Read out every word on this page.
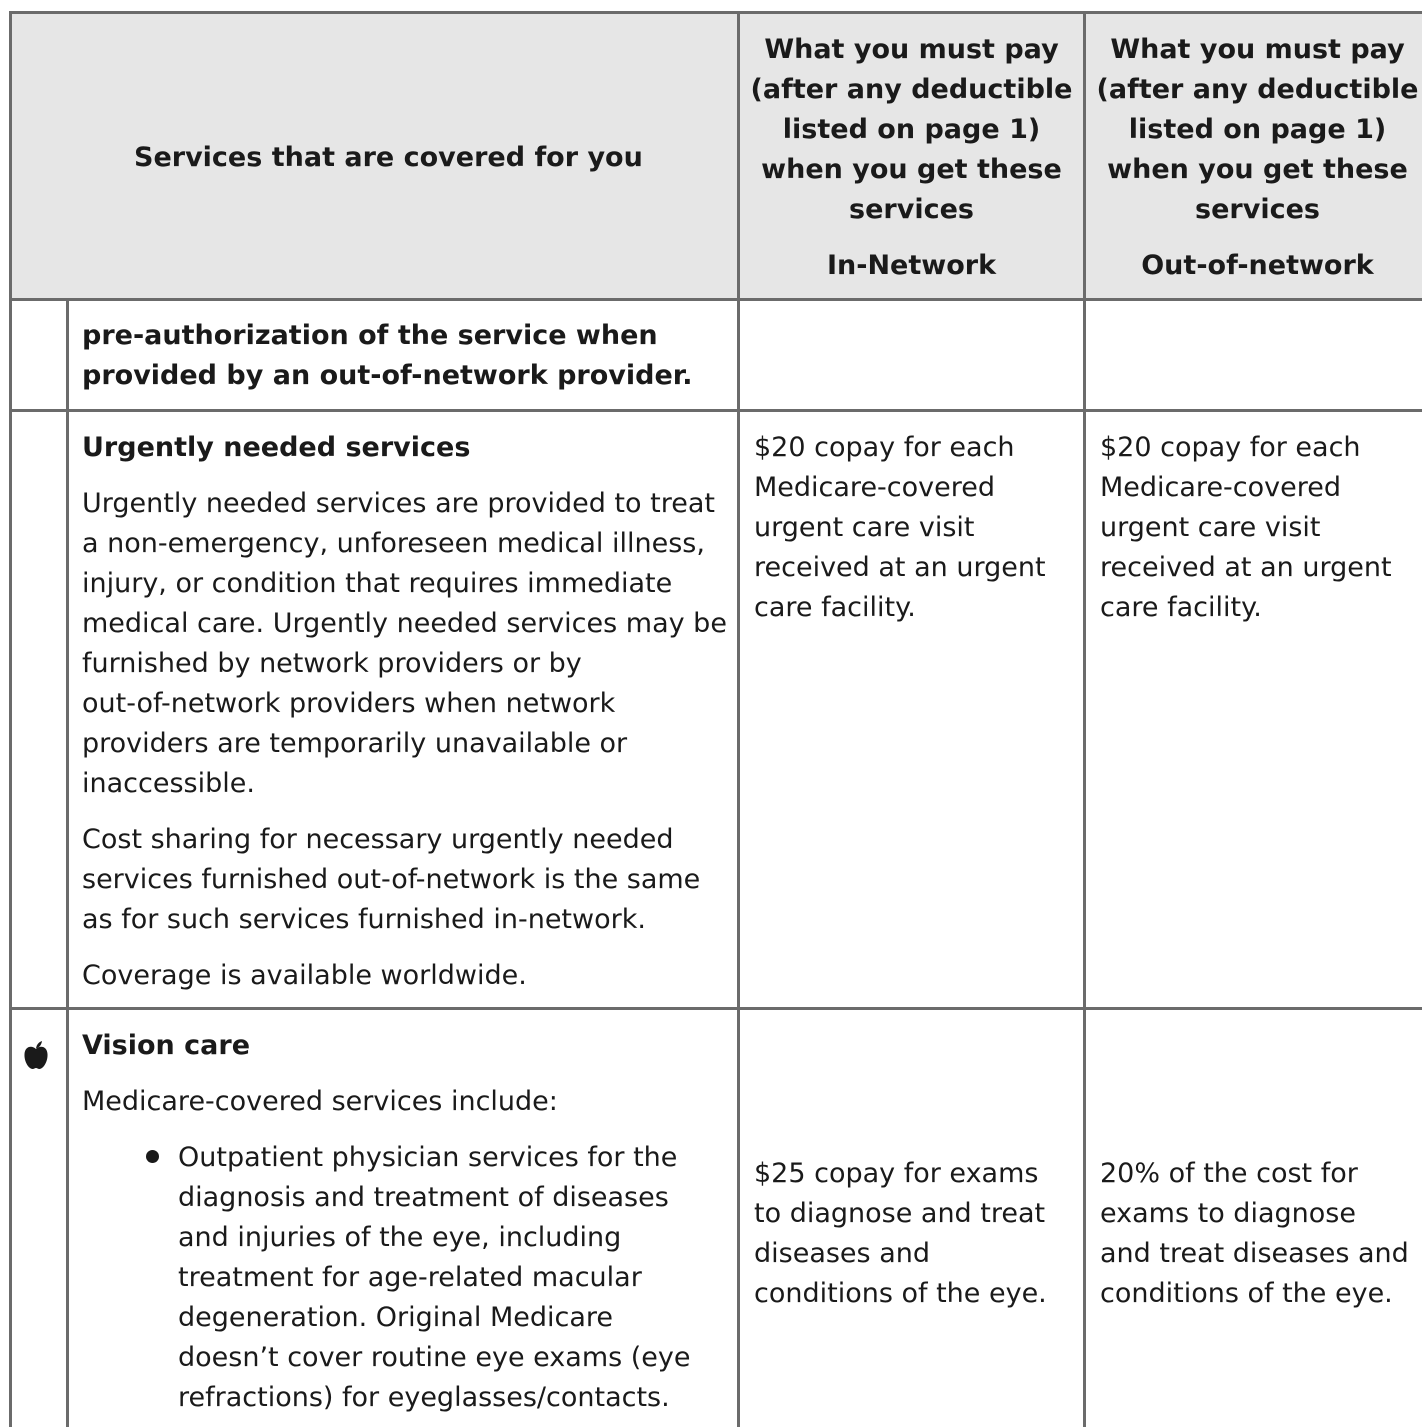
Services that are covered for you
What you must pay
(after any deductible
listed on page 1)
when you get these
services
In-Network
What you must pay
(after any deductible
listed on page 1)
when you get these
services
Out-of-network
pre-authorization of the service when
provided by an out-of-network provider.
Urgently needed services
Urgently needed services are provided to treat
a non-emergency, unforeseen medical illness,
injury, or condition that requires immediate
medical care. Urgently needed services may be
furnished by network providers or by
out-of-network providers when network
providers are temporarily unavailable or
inaccessible.
Cost sharing for necessary urgently needed
services furnished out-of-network is the same
as for such services furnished in-network.
Coverage is available worldwide.
$20 copay for each
Medicare-covered
urgent care visit
received at an urgent
care facility.
$20 copay for each
Medicare-covered
urgent care visit
received at an urgent
care facility.
Vision care
Medicare-covered services include:
Outpatient physician services for the
diagnosis and treatment of diseases
and injuries of the eye, including
treatment for age-related macular
degeneration. Original Medicare
doesn’t cover routine eye exams (eye
refractions) for eyeglasses/contacts.
$25 copay for exams
to diagnose and treat
diseases and
conditions of the eye.
20% of the cost for
exams to diagnose
and treat diseases and
conditions of the eye.
